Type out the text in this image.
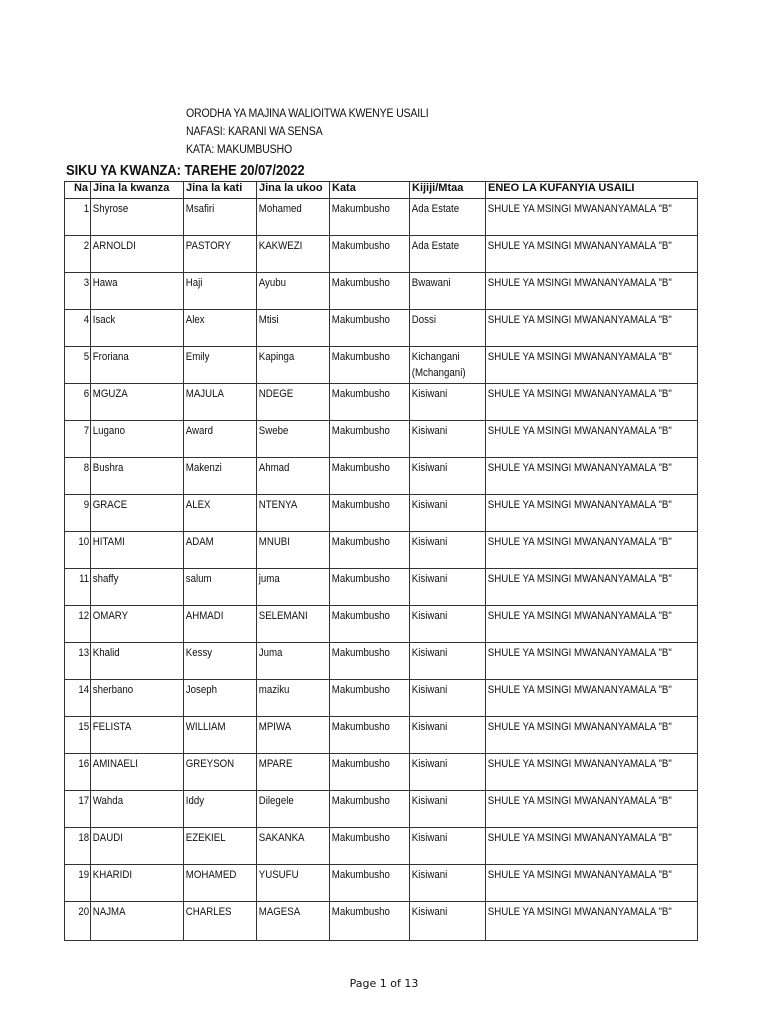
ORODHA YA MAJINA WALIOITWA KWENYE USAILI
NAFASI: KARANI WA SENSA
KATA: MAKUMBUSHO
SIKU YA KWANZA: TAREHE 20/07/2022
Na	Jina la kwanza	Jina la kati	Jina la ukoo	Kata	Kijiji/Mtaa	ENEO LA KUFANYIA USAILI

1	Shyrose	Msafiri	Mohamed	Makumbusho	Ada Estate	SHULE YA MSINGI MWANANYAMALA "B"

2	ARNOLDI	PASTORY	KAKWEZI	Makumbusho	Ada Estate	SHULE YA MSINGI MWANANYAMALA "B"

3	Hawa	Haji	Ayubu	Makumbusho	Bwawani	SHULE YA MSINGI MWANANYAMALA "B"

4	Isack	Alex	Mtisi	Makumbusho	Dossi	SHULE YA MSINGI MWANANYAMALA "B"

5	Froriana	Emily	Kapinga	Makumbusho	Kichangani (Mchangani)	SHULE YA MSINGI MWANANYAMALA "B"

6	MGUZA	MAJULA	NDEGE	Makumbusho	Kisiwani	SHULE YA MSINGI MWANANYAMALA "B"

7	Lugano	Award	Swebe	Makumbusho	Kisiwani	SHULE YA MSINGI MWANANYAMALA "B"

8	Bushra	Makenzi	Ahmad	Makumbusho	Kisiwani	SHULE YA MSINGI MWANANYAMALA "B"

9	GRACE	ALEX	NTENYA	Makumbusho	Kisiwani	SHULE YA MSINGI MWANANYAMALA "B"

10	HITAMI	ADAM	MNUBI	Makumbusho	Kisiwani	SHULE YA MSINGI MWANANYAMALA "B"

11	shaffy	salum	juma	Makumbusho	Kisiwani	SHULE YA MSINGI MWANANYAMALA "B"

12	OMARY	AHMADI	SELEMANI	Makumbusho	Kisiwani	SHULE YA MSINGI MWANANYAMALA "B"

13	Khalid	Kessy	Juma	Makumbusho	Kisiwani	SHULE YA MSINGI MWANANYAMALA "B"

14	sherbano	Joseph	maziku	Makumbusho	Kisiwani	SHULE YA MSINGI MWANANYAMALA "B"

15	FELISTA	WILLIAM	MPIWA	Makumbusho	Kisiwani	SHULE YA MSINGI MWANANYAMALA "B"

16	AMINAELI	GREYSON	MPARE	Makumbusho	Kisiwani	SHULE YA MSINGI MWANANYAMALA "B"

17	Wahda	Iddy	Dilegele	Makumbusho	Kisiwani	SHULE YA MSINGI MWANANYAMALA "B"

18	DAUDI	EZEKIEL	SAKANKA	Makumbusho	Kisiwani	SHULE YA MSINGI MWANANYAMALA "B"

19	KHARIDI	MOHAMED	YUSUFU	Makumbusho	Kisiwani	SHULE YA MSINGI MWANANYAMALA "B"

20	NAJMA	CHARLES	MAGESA	Makumbusho	Kisiwani	SHULE YA MSINGI MWANANYAMALA "B"
Page 1 of 13
